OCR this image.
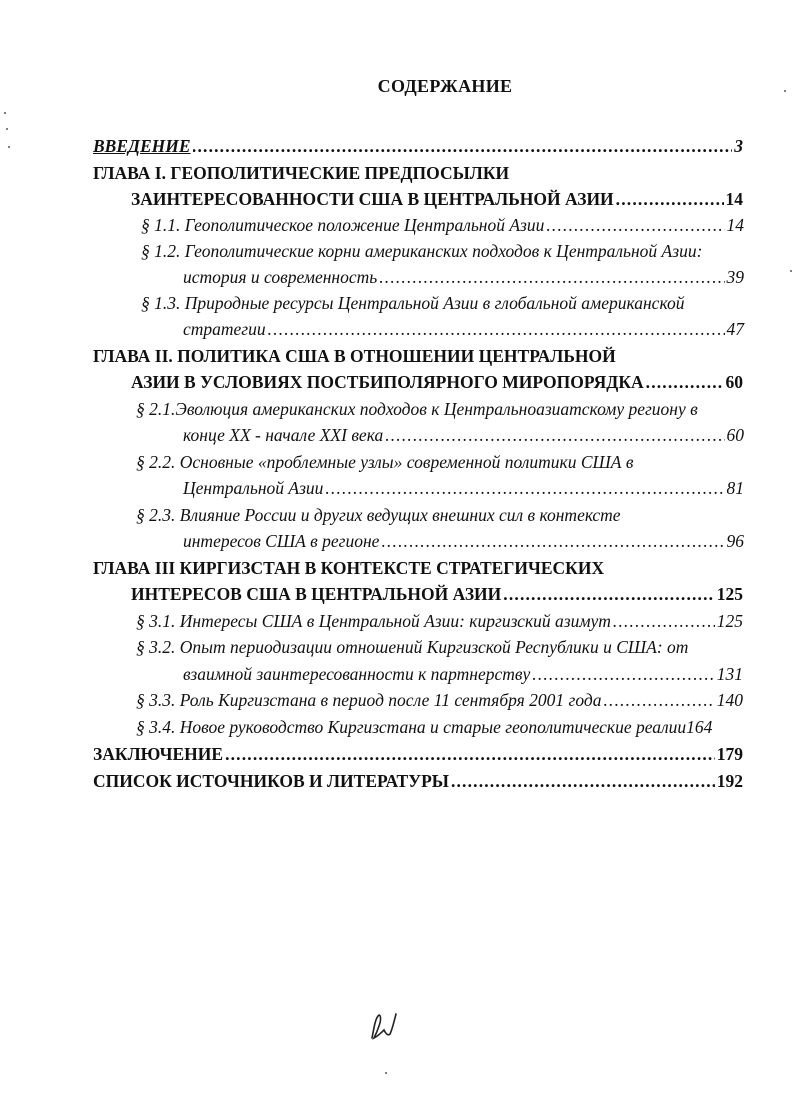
СОДЕРЖАНИЕ
ВВЕДЕНИЕ . . .	3
ГЛАВА I. ГЕОПОЛИТИЧЕСКИЕ ПРЕДПОСЫЛКИ
ЗАИНТЕРЕСОВАННОСТИ США В ЦЕНТРАЛЬНОЙ АЗИИ . . .	14
§ 1.1. Геополитическое положение Центральной Азии . . .	14
§ 1.2. Геополитические корни американских подходов к Центральной Азии:
история и современность . . .	39
§ 1.3. Природные ресурсы Центральной Азии в глобальной американской
стратегии . . .	47
ГЛАВА II. ПОЛИТИКА США В ОТНОШЕНИИ ЦЕНТРАЛЬНОЙ
АЗИИ В УСЛОВИЯХ ПОСТБИПОЛЯРНОГО МИРОПОРЯДКА . . .	60
§ 2.1.Эволюция американских подходов к Центральноазиатскому региону в
конце XX - начале XXI века . . .	60
§ 2.2. Основные «проблемные узлы» современной политики США в
Центральной Азии . . .	81
§ 2.3. Влияние России и других ведущих внешних сил в контексте
интересов США в регионе . . .	96
ГЛАВА III КИРГИЗСТАН В КОНТЕКСТЕ СТРАТЕГИЧЕСКИХ
ИНТЕРЕСОВ США В ЦЕНТРАЛЬНОЙ АЗИИ . . .	125
§ 3.1. Интересы США в Центральной Азии: киргизский азимут . . .	125
§ 3.2. Опыт периодизации отношений Киргизской Республики и США: от
взаимной заинтересованности к партнерству . . .	131
§ 3.3. Роль Киргизстана в период после 11 сентября 2001 года . . .	140
§ 3.4. Новое руководство Киргизстана и старые геополитические реалии164
ЗАКЛЮЧЕНИЕ . . .	179
СПИСОК ИСТОЧНИКОВ И ЛИТЕРАТУРЫ . . .	192
